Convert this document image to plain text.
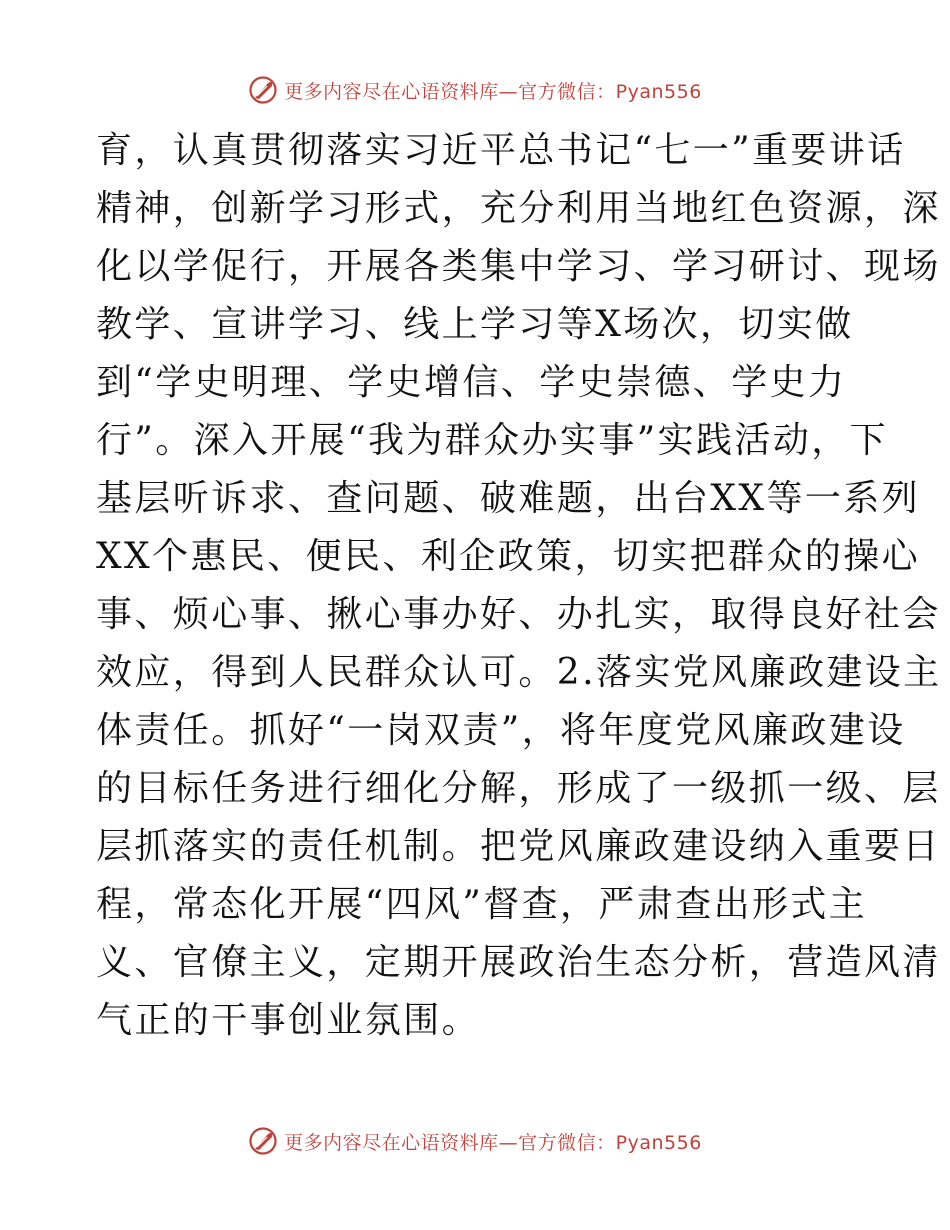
更多内容尽在心语资料库—官方微信：Pyan556
育，认真贯彻落实习近平总书记“七一”重要讲话
精神，创新学习形式，充分利用当地红色资源，深
化以学促行，开展各类集中学习、学习研讨、现场
教学、宣讲学习、线上学习等X场次，切实做
到“学史明理、学史增信、学史崇德、学史力
行”。深入开展“我为群众办实事”实践活动，下
基层听诉求、查问题、破难题，出台XX等一系列
XX个惠民、便民、利企政策，切实把群众的操心
事、烦心事、揪心事办好、办扎实，取得良好社会
效应，得到人民群众认可。2.落实党风廉政建设主
体责任。抓好“一岗双责”，将年度党风廉政建设
的目标任务进行细化分解，形成了一级抓一级、层
层抓落实的责任机制。把党风廉政建设纳入重要日
程，常态化开展“四风”督查，严肃查出形式主
义、官僚主义，定期开展政治生态分析，营造风清
气正的干事创业氛围。
更多内容尽在心语资料库—官方微信：Pyan556
